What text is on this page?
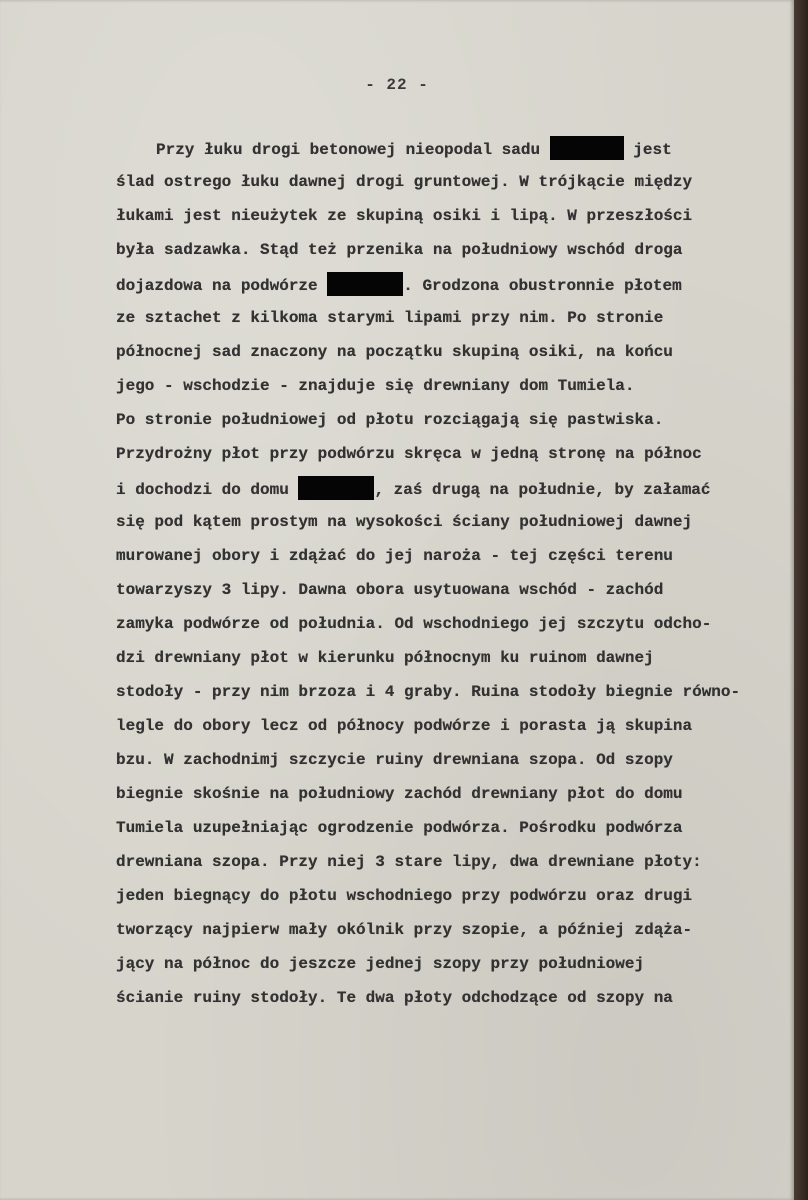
- 22 -
Przy łuku drogi betonowej nieopodal sadu	jest
ślad ostrego łuku dawnej drogi gruntowej. W trójkącie między
łukami jest nieużytek ze skupiną osiki i lipą. W przeszłości
była sadzawka. Stąd też przenika na południowy wschód droga
dojazdowa na podwórze	. Grodzona obustronnie płotem
ze sztachet z kilkoma starymi lipami przy nim. Po stronie
północnej sad znaczony na początku skupiną osiki, na końcu
jego - wschodzie - znajduje się drewniany dom Tumiela.
Po stronie południowej od płotu rozciągają się pastwiska.
Przydrożny płot przy podwórzu skręca w jedną stronę na północ
i dochodzi do domu	, zaś drugą na południe, by załamać
się pod kątem prostym na wysokości ściany południowej dawnej
murowanej obory i zdążać do jej naroża - tej części terenu
towarzyszy 3 lipy. Dawna obora usytuowana wschód - zachód
zamyka podwórze od południa. Od wschodniego jej szczytu odcho-
dzi drewniany płot w kierunku północnym ku ruinom dawnej
stodoły - przy nim brzoza i 4 graby. Ruina stodoły biegnie równo-
legle do obory lecz od północy podwórze i porasta ją skupina
bzu. W zachodnimj szczycie ruiny drewniana szopa. Od szopy
biegnie skośnie na południowy zachód drewniany płot do domu
Tumiela uzupełniając ogrodzenie podwórza. Pośrodku podwórza
drewniana szopa. Przy niej 3 stare lipy, dwa drewniane płoty:
jeden biegnący do płotu wschodniego przy podwórzu oraz drugi
tworzący najpierw mały okólnik przy szopie, a później zdąża-
jący na północ do jeszcze jednej szopy przy południowej
ścianie ruiny stodoły. Te dwa płoty odchodzące od szopy na
